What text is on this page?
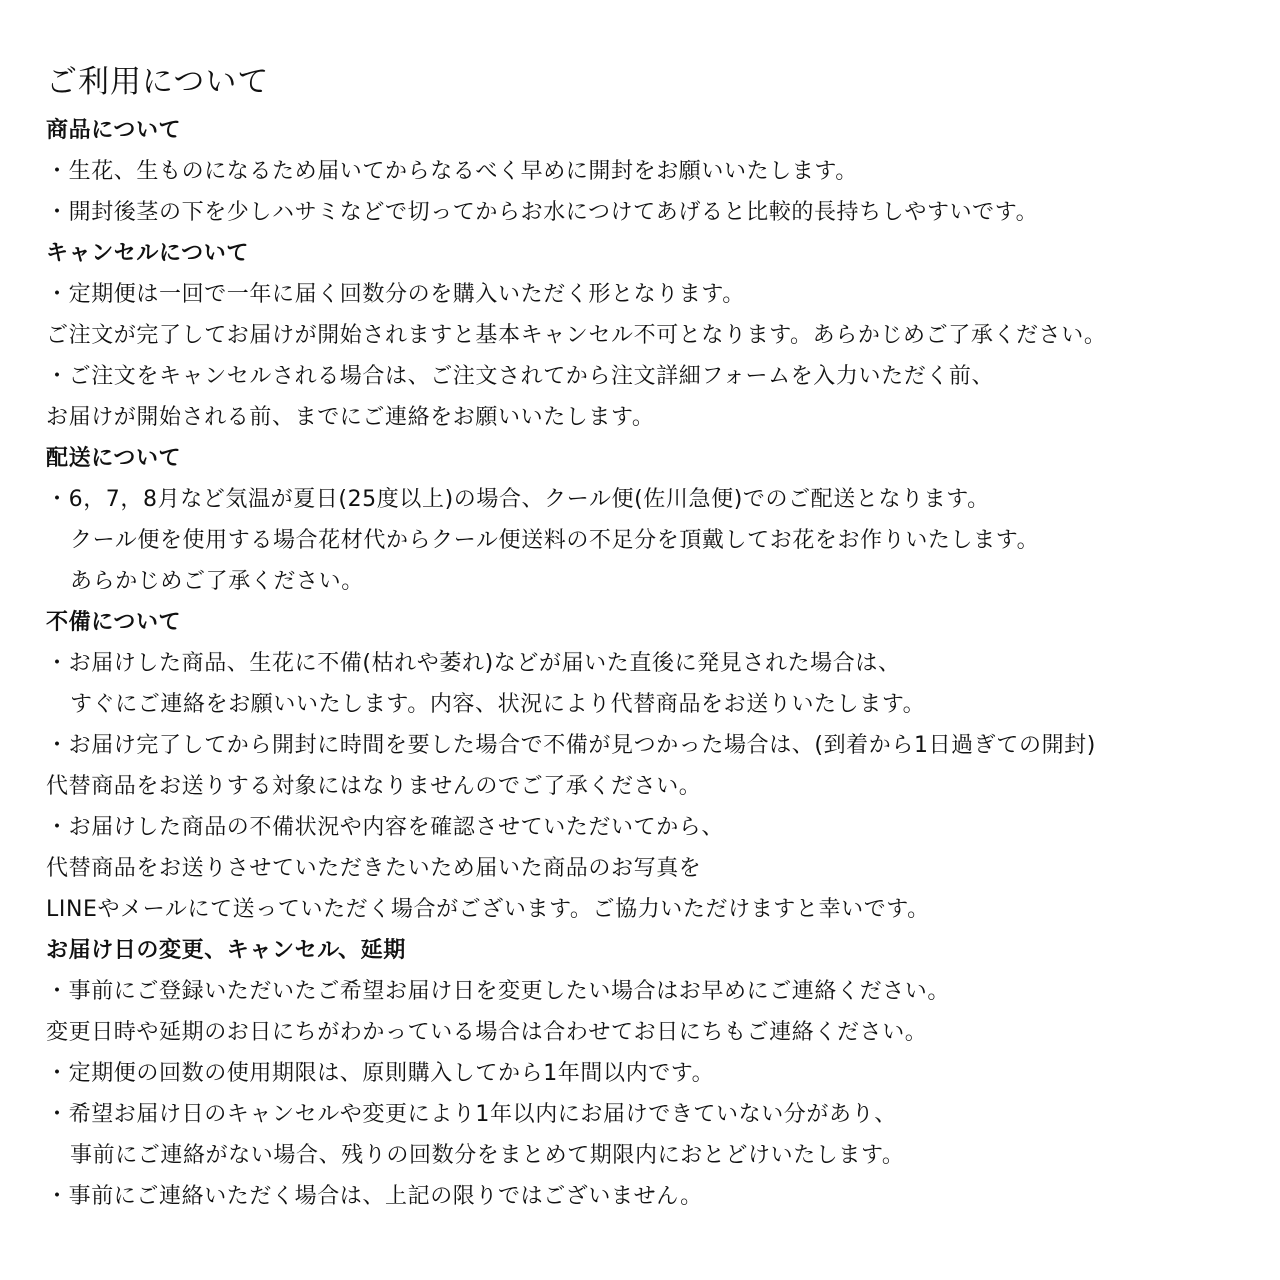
ご利用について

商品について

・生花、生ものになるため届いてからなるべく早めに開封をお願いいたします。

・開封後茎の下を少しハサミなどで切ってからお水につけてあげると比較的長持ちしやすいです。

キャンセルについて

・定期便は一回で一年に届く回数分のを購入いただく形となります。

ご注文が完了してお届けが開始されますと基本キャンセル不可となります。あらかじめご了承ください。

・ご注文をキャンセルされる場合は、ご注文されてから注文詳細フォームを入力いただく前、

お届けが開始される前、までにご連絡をお願いいたします。

配送について

・6，7，8月など気温が夏日(25度以上)の場合、クール便(佐川急便)でのご配送となります。

クール便を使用する場合花材代からクール便送料の不足分を頂戴してお花をお作りいたします。

あらかじめご了承ください。

不備について

・お届けした商品、生花に不備(枯れや萎れ)などが届いた直後に発見された場合は、

すぐにご連絡をお願いいたします。内容、状況により代替商品をお送りいたします。

・お届け完了してから開封に時間を要した場合で不備が見つかった場合は、(到着から1日過ぎての開封)

代替商品をお送りする対象にはなりませんのでご了承ください。

・お届けした商品の不備状況や内容を確認させていただいてから、

代替商品をお送りさせていただきたいため届いた商品のお写真を

LINEやメールにて送っていただく場合がございます。ご協力いただけますと幸いです。

お届け日の変更、キャンセル、延期

・事前にご登録いただいたご希望お届け日を変更したい場合はお早めにご連絡ください。

変更日時や延期のお日にちがわかっている場合は合わせてお日にちもご連絡ください。

・定期便の回数の使用期限は、原則購入してから1年間以内です。

・希望お届け日のキャンセルや変更により1年以内にお届けできていない分があり、

事前にご連絡がない場合、残りの回数分をまとめて期限内におとどけいたします。

・事前にご連絡いただく場合は、上記の限りではございません。
